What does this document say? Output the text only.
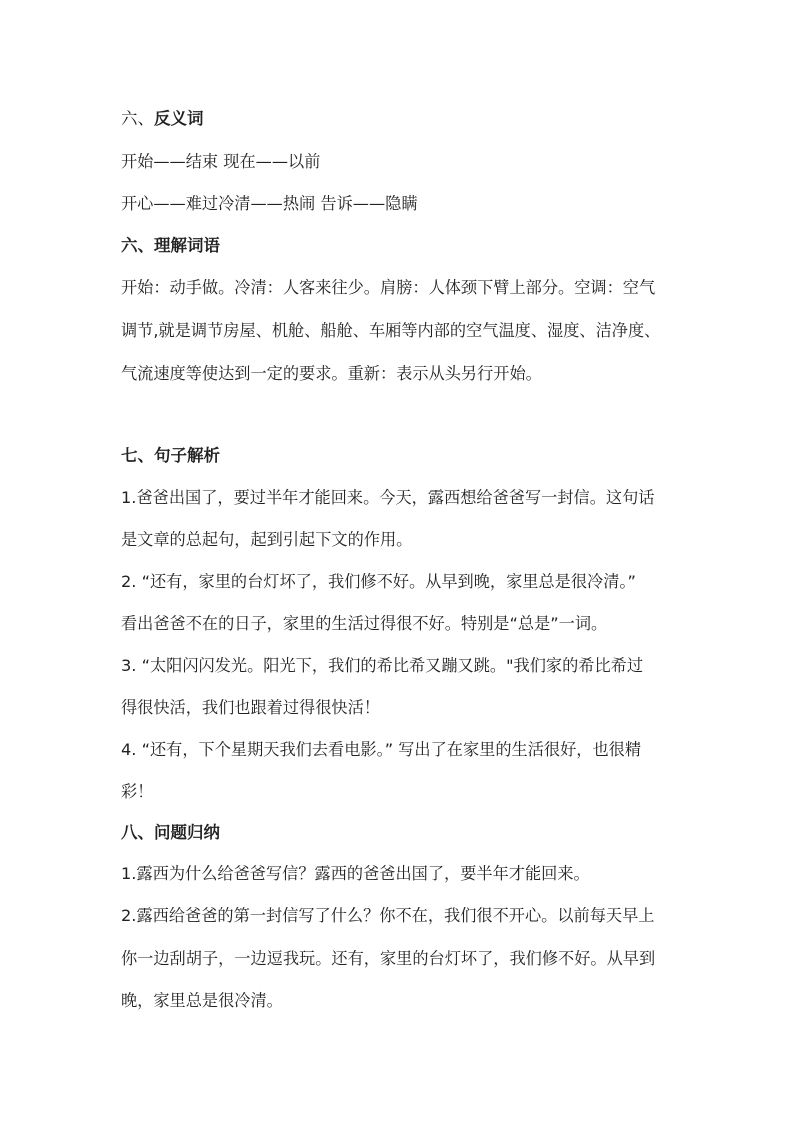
六、反义词

开始——结束 现在——以前

开心——难过冷清——热闹 告诉——隐瞒

六、理解词语

开始：动手做。冷清：人客来往少。肩膀：人体颈下臂上部分。空调：空气

调节,就是调节房屋、机舱、船舱、车厢等内部的空气温度、湿度、洁净度、

气流速度等使达到一定的要求。重新：表示从头另行开始。

七、句子解析

1.爸爸出国了，要过半年才能回来。今天，露西想给爸爸写一封信。这句话

是文章的总起句，起到引起下文的作用。

2. “还有，家里的台灯坏了，我们修不好。从早到晚，家里总是很冷清。”

看出爸爸不在的日子，家里的生活过得很不好。特别是“总是”一词。

3. “太阳闪闪发光。阳光下，我们的希比希又蹦又跳。"我们家的希比希过

得很快活，我们也跟着过得很快活！

4. “还有，下个星期天我们去看电影。” 写出了在家里的生活很好，也很精

彩！

八、问题归纳

1.露西为什么给爸爸写信？露西的爸爸出国了，要半年才能回来。

2.露西给爸爸的第一封信写了什么？你不在，我们很不开心。以前每天早上

你一边刮胡子，一边逗我玩。还有，家里的台灯坏了，我们修不好。从早到

晚，家里总是很冷清。
